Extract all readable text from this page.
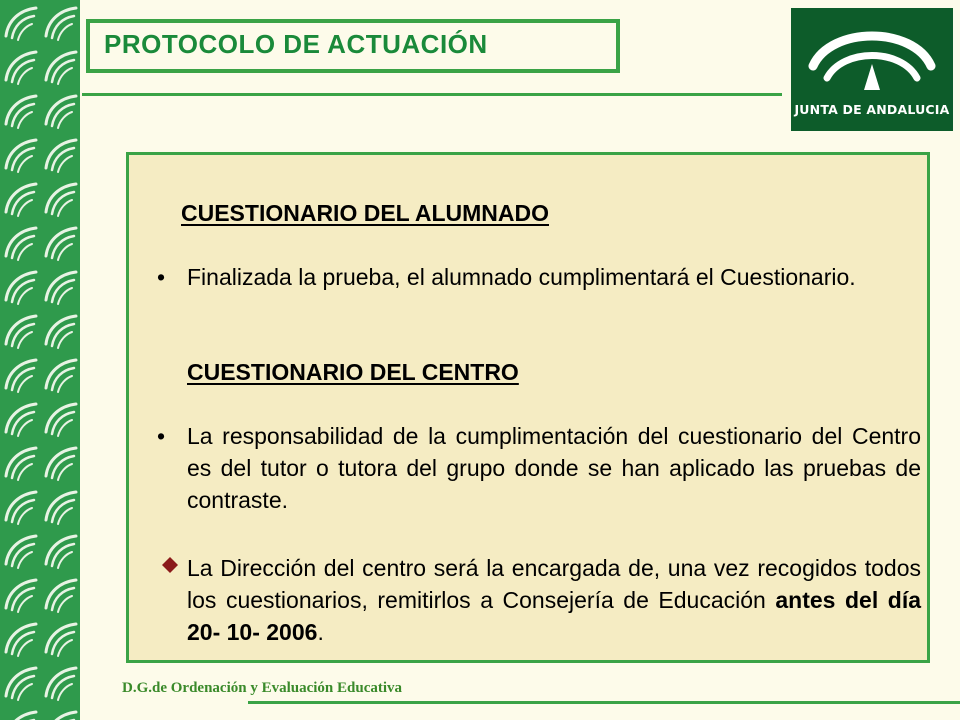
PROTOCOLO DE ACTUACIÓN
JUNTA DE ANDALUCIA
CUESTIONARIO DEL ALUMNADO
• Finalizada la prueba, el alumnado cumplimentará el Cuestionario.

CUESTIONARIO DEL CENTRO
• La responsabilidad de la cumplimentación del cuestionario del Centro es del tutor o tutora del grupo donde se han aplicado las pruebas de contraste.

La Dirección del centro será la encargada de, una vez recogidos todos los cuestionarios, remitirlos a Consejería de Educación antes del día 20- 10- 2006.

D.G.de Ordenación y Evaluación Educativa
